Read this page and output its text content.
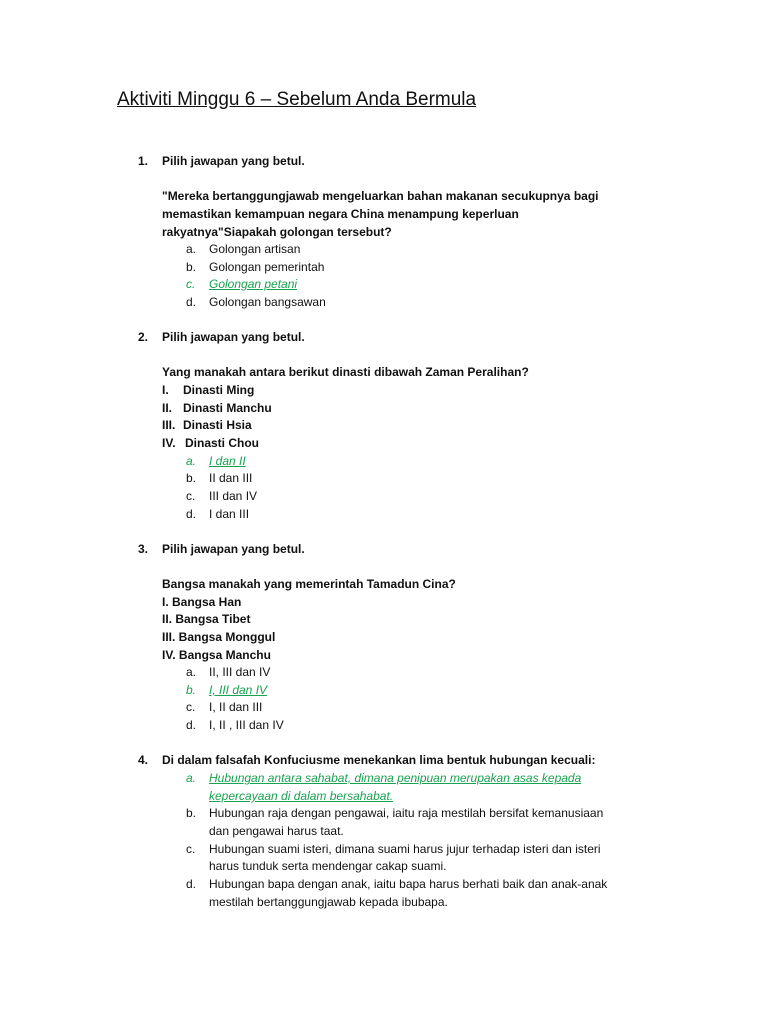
Aktiviti Minggu 6 – Sebelum Anda Bermula
1. Pilih jawapan yang betul.
"Mereka bertanggungjawab mengeluarkan bahan makanan secukupnya bagi
memastikan kemampuan negara China menampung keperluan
rakyatnya"Siapakah golongan tersebut?
a. Golongan artisan
b. Golongan pemerintah
c. Golongan petani
d. Golongan bangsawan
2. Pilih jawapan yang betul.
Yang manakah antara berikut dinasti dibawah Zaman Peralihan?
I. Dinasti Ming
II. Dinasti Manchu
III. Dinasti Hsia
IV. Dinasti Chou
a. I dan II
b. II dan III
c. III dan IV
d. I dan III
3. Pilih jawapan yang betul.
Bangsa manakah yang memerintah Tamadun Cina?
I. Bangsa Han
II. Bangsa Tibet
III. Bangsa Monggul
IV. Bangsa Manchu
a. II, III dan IV
b. I, III dan IV
c. I, II dan III
d. I, II , III dan IV
4. Di dalam falsafah Konfuciusme menekankan lima bentuk hubungan kecuali:
a. Hubungan antara sahabat, dimana penipuan merupakan asas kepada
kepercayaan di dalam bersahabat.
b. Hubungan raja dengan pengawai, iaitu raja mestilah bersifat kemanusiaan
dan pengawai harus taat.
c. Hubungan suami isteri, dimana suami harus jujur terhadap isteri dan isteri
harus tunduk serta mendengar cakap suami.
d. Hubungan bapa dengan anak, iaitu bapa harus berhati baik dan anak-anak
mestilah bertanggungjawab kepada ibubapa.
